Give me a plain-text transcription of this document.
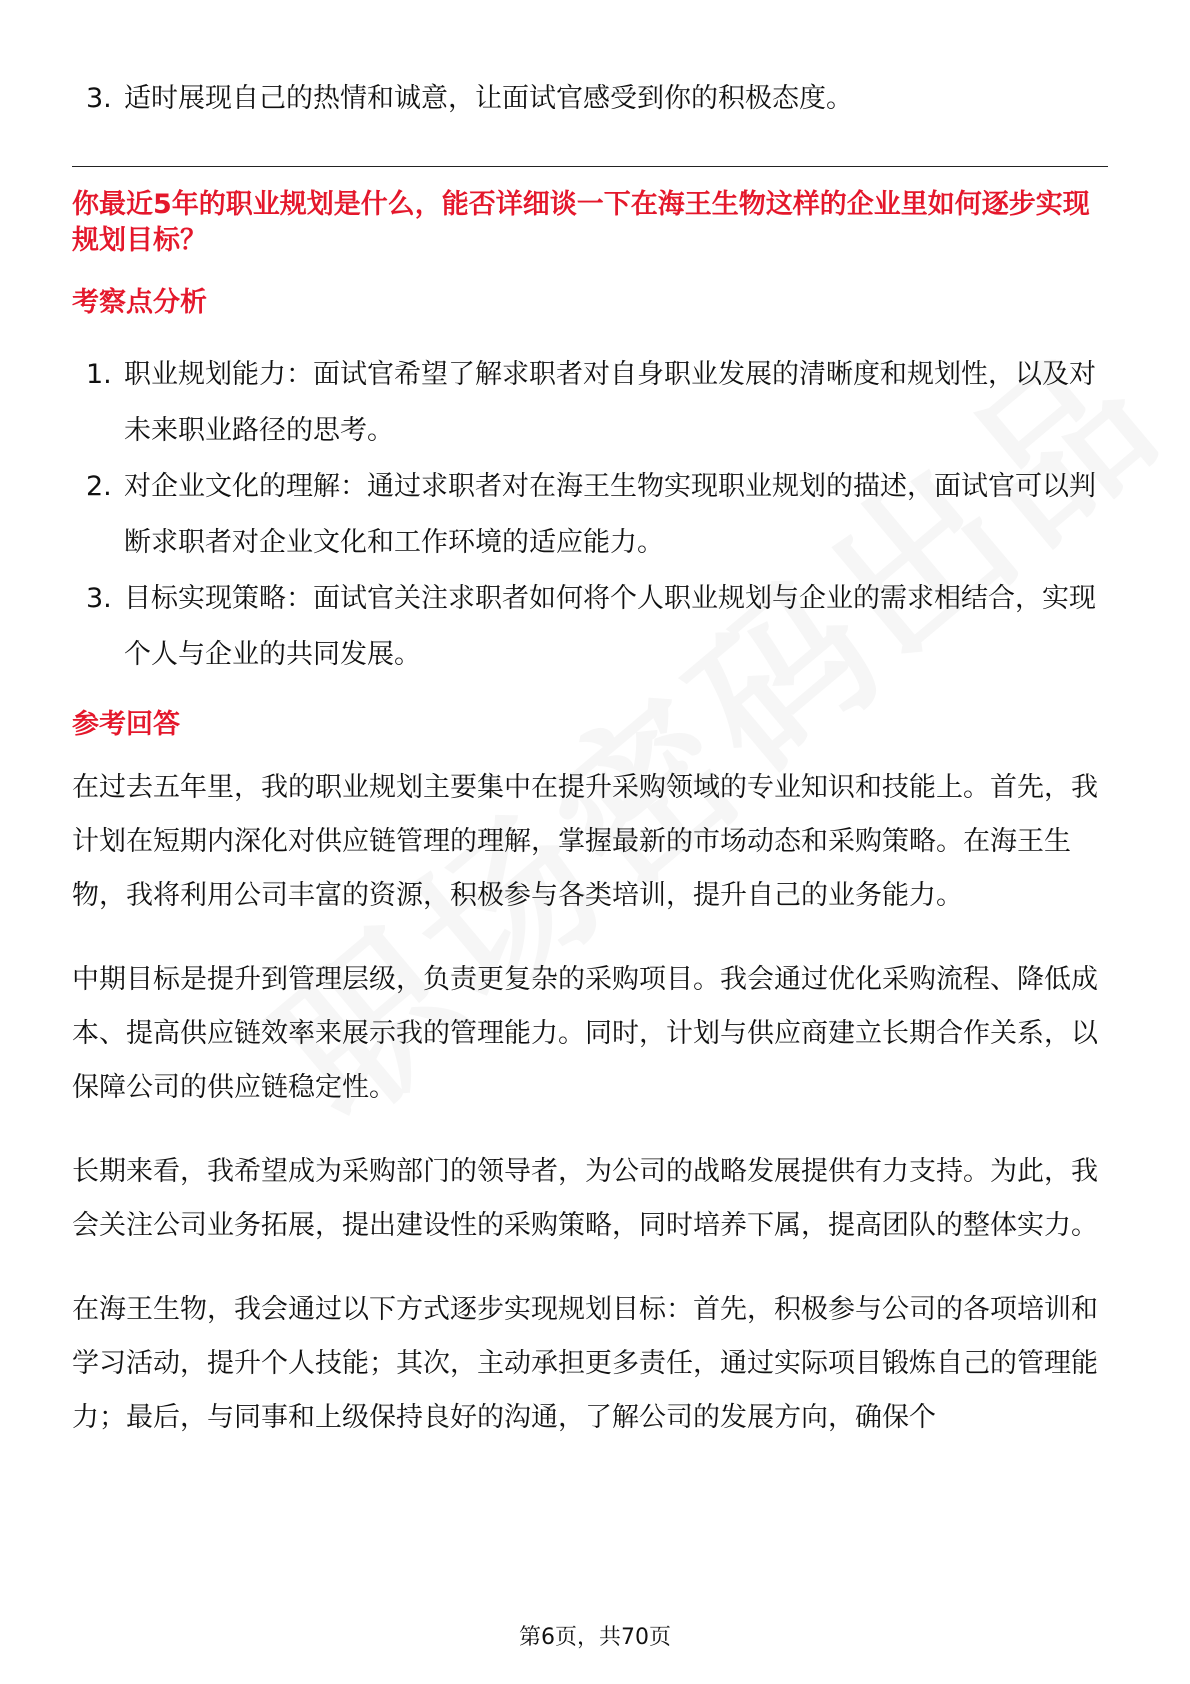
3. 适时展现自己的热情和诚意，让面试官感受到你的积极态度。

你最近5年的职业规划是什么，能否详细谈一下在海王生物这样的企业里如何逐步实现规划目标？

考察点分析
1. 职业规划能力：面试官希望了解求职者对自身职业发展的清晰度和规划性，以及对未来职业路径的思考。
2. 对企业文化的理解：通过求职者对在海王生物实现职业规划的描述，面试官可以判断求职者对企业文化和工作环境的适应能力。
3. 目标实现策略：面试官关注求职者如何将个人职业规划与企业的需求相结合，实现个人与企业的共同发展。
参考回答

在过去五年里，我的职业规划主要集中在提升采购领域的专业知识和技能上。首先，我计划在短期内深化对供应链管理的理解，掌握最新的市场动态和采购策略。在海王生物，我将利用公司丰富的资源，积极参与各类培训，提升自己的业务能力。

中期目标是提升到管理层级，负责更复杂的采购项目。我会通过优化采购流程、降低成本、提高供应链效率来展示我的管理能力。同时，计划与供应商建立长期合作关系，以保障公司的供应链稳定性。

长期来看，我希望成为采购部门的领导者，为公司的战略发展提供有力支持。为此，我会关注公司业务拓展，提出建设性的采购策略，同时培养下属，提高团队的整体实力。

在海王生物，我会通过以下方式逐步实现规划目标：首先，积极参与公司的各项培训和学习活动，提升个人技能；其次，主动承担更多责任，通过实际项目锻炼自己的管理能力；最后，与同事和上级保持良好的沟通，了解公司的发展方向，确保个

第6页，共70页
